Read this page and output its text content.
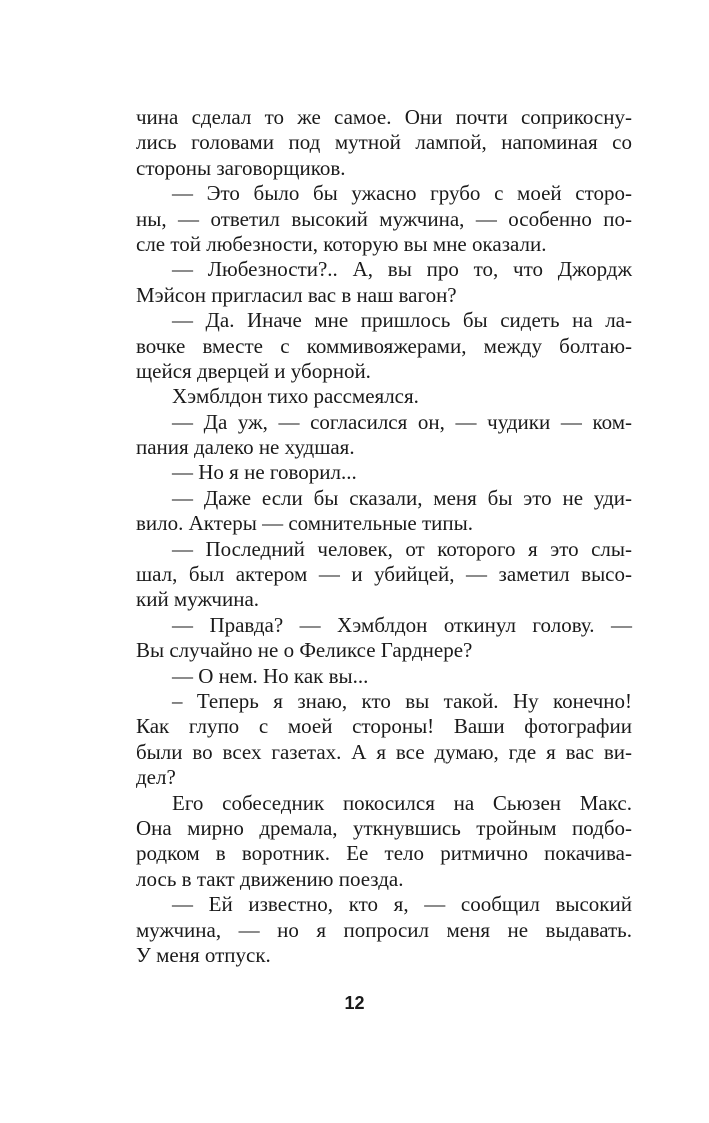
чина сделал то же самое. Они почти соприкосну-
лись головами под мутной лампой, напоминая со
стороны заговорщиков.
— Это было бы ужасно грубо с моей сторо-
ны, — ответил высокий мужчина, — особенно по-
сле той любезности, которую вы мне оказали.
— Любезности?.. А, вы про то, что Джордж
Мэйсон пригласил вас в наш вагон?
— Да. Иначе мне пришлось бы сидеть на ла-
вочке вместе с коммивояжерами, между болтаю-
щейся дверцей и уборной.
Хэмблдон тихо рассмеялся.
— Да уж, — согласился он, — чудики — ком-
пания далеко не худшая.
— Но я не говорил...
— Даже если бы сказали, меня бы это не уди-
вило. Актеры — сомнительные типы.
— Последний человек, от которого я это слы-
шал, был актером — и убийцей, — заметил высо-
кий мужчина.
— Правда? — Хэмблдон откинул голову. —
Вы случайно не о Феликсе Гарднере?
— О нем. Но как вы...
– Теперь я знаю, кто вы такой. Ну конечно!
Как глупо с моей стороны! Ваши фотографии
были во всех газетах. А я все думаю, где я вас ви-
дел?
Его собеседник покосился на Сьюзен Макс.
Она мирно дремала, уткнувшись тройным подбо-
родком в воротник. Ее тело ритмично покачива-
лось в такт движению поезда.
— Ей известно, кто я, — сообщил высокий
мужчина, — но я попросил меня не выдавать.
У меня отпуск.
12
